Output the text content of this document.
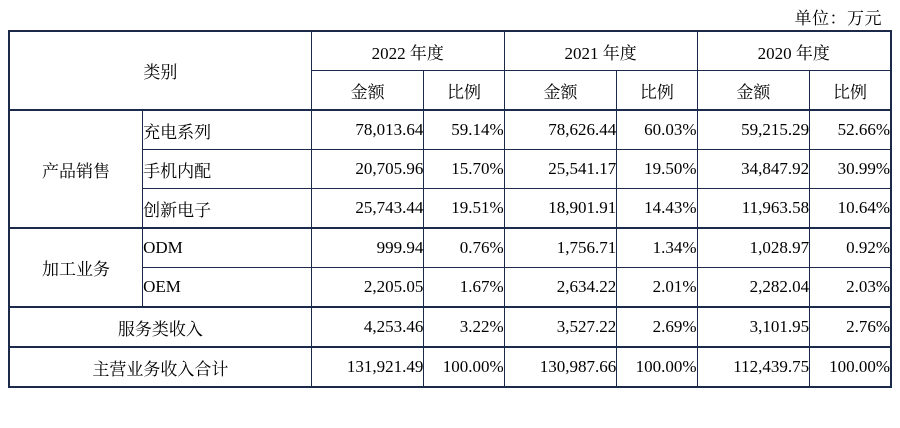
单位：万元
类别		2022 年度		2021 年度		2020 年度	
		金额	比例	金额	比例	金额	比例
产品销售	充电系列	78,013.64	59.14%	78,626.44	60.03%	59,215.29	52.66%
	手机内配	20,705.96	15.70%	25,541.17	19.50%	34,847.92	30.99%
	创新电子	25,743.44	19.51%	18,901.91	14.43%	11,963.58	10.64%
加工业务	ODM	999.94	0.76%	1,756.71	1.34%	1,028.97	0.92%
	OEM	2,205.05	1.67%	2,634.22	2.01%	2,282.04	2.03%
服务类收入		4,253.46	3.22%	3,527.22	2.69%	3,101.95	2.76%
主营业务收入合计		131,921.49	100.00%	130,987.66	100.00%	112,439.75	100.00%
